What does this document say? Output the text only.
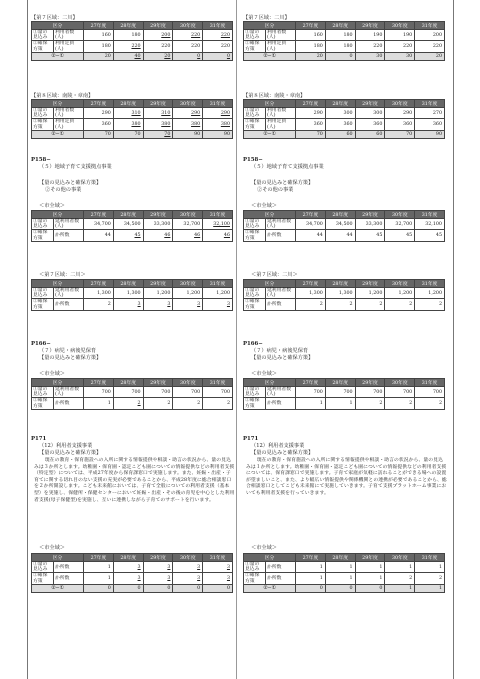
【第７区域：二川】
区分		27年度	28年度	29年度	30年度	31年度
①量の見込み	利用者数(人)	160	180	200	220	220
②確保方策	利用定員(人)	180	220	220	220	220
②−①		20	40	20	0	0
【第８区域：南陵・章南】
区分		27年度	28年度	29年度	30年度	31年度
①量の見込み	利用者数(人)	290	310	310	290	290
②確保方策	利用定員(人)	360	380	380	380	380
②−①		70	70	70	90	90
P158−
（５）地域子育て支援拠点事業
【量の見込みと確保方策】
②その他の事業
＜市全域＞
区分		27年度	28年度	29年度	30年度	31年度
①量の見込み	延利用者数(人)	34,700	34,500	33,300	32,700	32,100
②確保方策	か所数	44	45	46	46	46
＜第７区域：二川＞
区分		27年度	28年度	29年度	30年度	31年度
①量の見込み	延利用者数(人)	1,300	1,300	1,200	1,200	1,200
②確保方策	か所数	2	3	3	3	3
P166−
（７）病児・病後児保育
【量の見込みと確保方策】
＜市全域＞
区分		27年度	28年度	29年度	30年度	31年度
①量の見込み	延利用者数(人)	700	700	700	700	700
②確保方策	か所数	1	2	2	2	2
P171
（12）利用者支援事業
【量の見込みと確保方策】
　現在の教育・保育施設への入所に関する情報提供や相談・助言の状況から、量の見込みは３か所とします。幼稚園・保育園・認定こども園についての情報提供などの利用者支援（特定型）については、平成27年度から保育課窓口で実施します。また、妊娠・出産・子育てに関する切れ目のない支援の充実が必要であることから、平成28年度に総合相談窓口を２か所開設します。こども未来館においては、子育て全般についての利用者支援（基本型）を実施し、保健所・保健センターにおいて妊娠・出産・その後の育児を中心とした利用者支援(母子保健型)を実施し、互いに連携しながら子育てのサポートを行います。
＜市全域＞
区分		27年度	28年度	29年度	30年度	31年度
①量の見込み	か所数	1	3	3	3	3
②確保方策	か所数	1	3	3	3	3
②−①		0	0	0	0	0
【第７区域：二川】
区分		27年度	28年度	29年度	30年度	31年度
①量の見込み	利用者数(人)	160	180	190	190	200
②確保方策	利用定員(人)	180	180	220	220	220
②−①		20	0	30	30	20
【第８区域：南陵・章南】
区分		27年度	28年度	29年度	30年度	31年度
①量の見込み	利用者数(人)	290	300	300	290	270
②確保方策	利用定員(人)	360	360	360	360	360
②−①		70	60	60	70	90
P158−
（５）地域子育て支援拠点事業
【量の見込みと確保方策】
②その他の事業
＜市全域＞
区分		27年度	28年度	29年度	30年度	31年度
①量の見込み	延利用者数(人)	34,700	34,500	33,300	32,700	32,100
②確保方策	か所数	44	44	45	45	45
＜第７区域：二川＞
区分		27年度	28年度	29年度	30年度	31年度
①量の見込み	延利用者数(人)	1,300	1,300	1,200	1,200	1,200
②確保方策	か所数	2	2	2	2	2
P166−
（７）病児・病後児保育
【量の見込みと確保方策】
＜市全域＞
区分		27年度	28年度	29年度	30年度	31年度
①量の見込み	延利用者数(人)	700	700	700	700	700
②確保方策	か所数	1	1	2	2	2
P171
（12）利用者支援事業
【量の見込みと確保方策】
　現在の教育・保育施設への入所に関する情報提供や相談・助言の状況から、量の見込みは１か所とします。幼稚園・保育園・認定こども園についての情報提供などの利用者支援については、保育課窓口で実施します。子育て家庭が気軽に訪れることができる場への設置が望ましいこと、また、より幅広い情報提供や関係機関との連携が必要であることから、総合相談窓口としてこども未来館にて実施していきます。子育て支援プラットホーム事業においても利用者支援を行っていきます。
＜市全域＞
区分		27年度	28年度	29年度	30年度	31年度
①量の見込み	か所数	1	1	1	1	1
②確保方策	か所数	1	1	1	2	2
②−①		0	0	0	1	1
